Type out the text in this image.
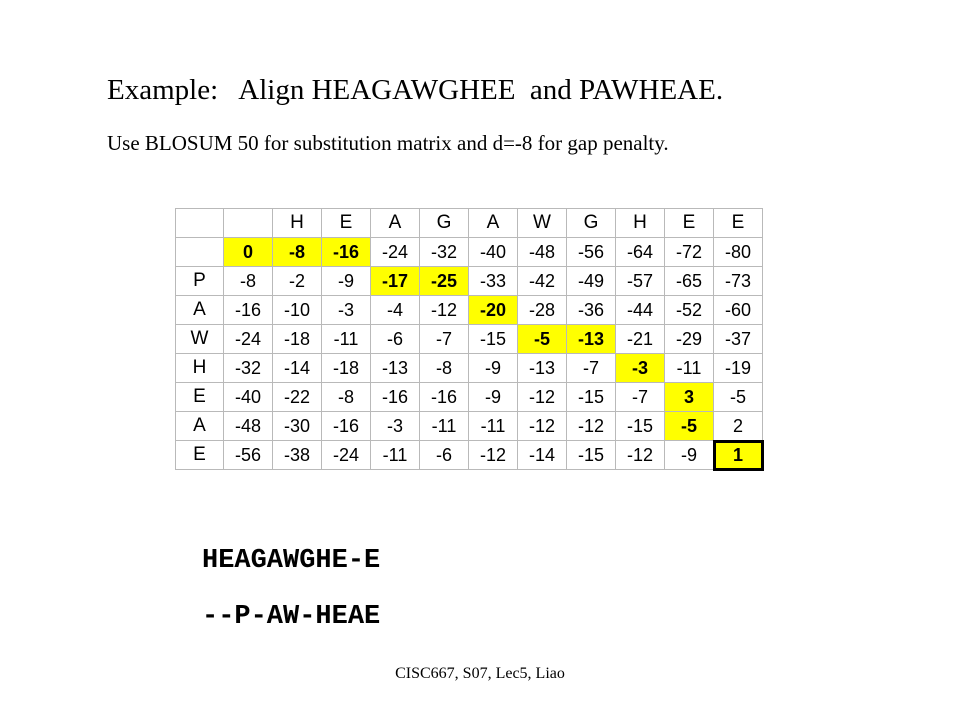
Example:   Align HEAGAWGHEE  and PAWHEAE.
Use BLOSUM 50 for substitution matrix and d=-8 for gap penalty.
		H	E	A	G	A	W	G	H	E	E
	0	-8	-16	-24	-32	-40	-48	-56	-64	-72	-80
P	-8	-2	-9	-17	-25	-33	-42	-49	-57	-65	-73
A	-16	-10	-3	-4	-12	-20	-28	-36	-44	-52	-60
W	-24	-18	-11	-6	-7	-15	-5	-13	-21	-29	-37
H	-32	-14	-18	-13	-8	-9	-13	-7	-3	-11	-19
E	-40	-22	-8	-16	-16	-9	-12	-15	-7	3	-5
A	-48	-30	-16	-3	-11	-11	-12	-12	-15	-5	2
E	-56	-38	-24	-11	-6	-12	-14	-15	-12	-9	1
HEAGAWGHE-E
--P-AW-HEAE
CISC667, S07, Lec5, Liao
